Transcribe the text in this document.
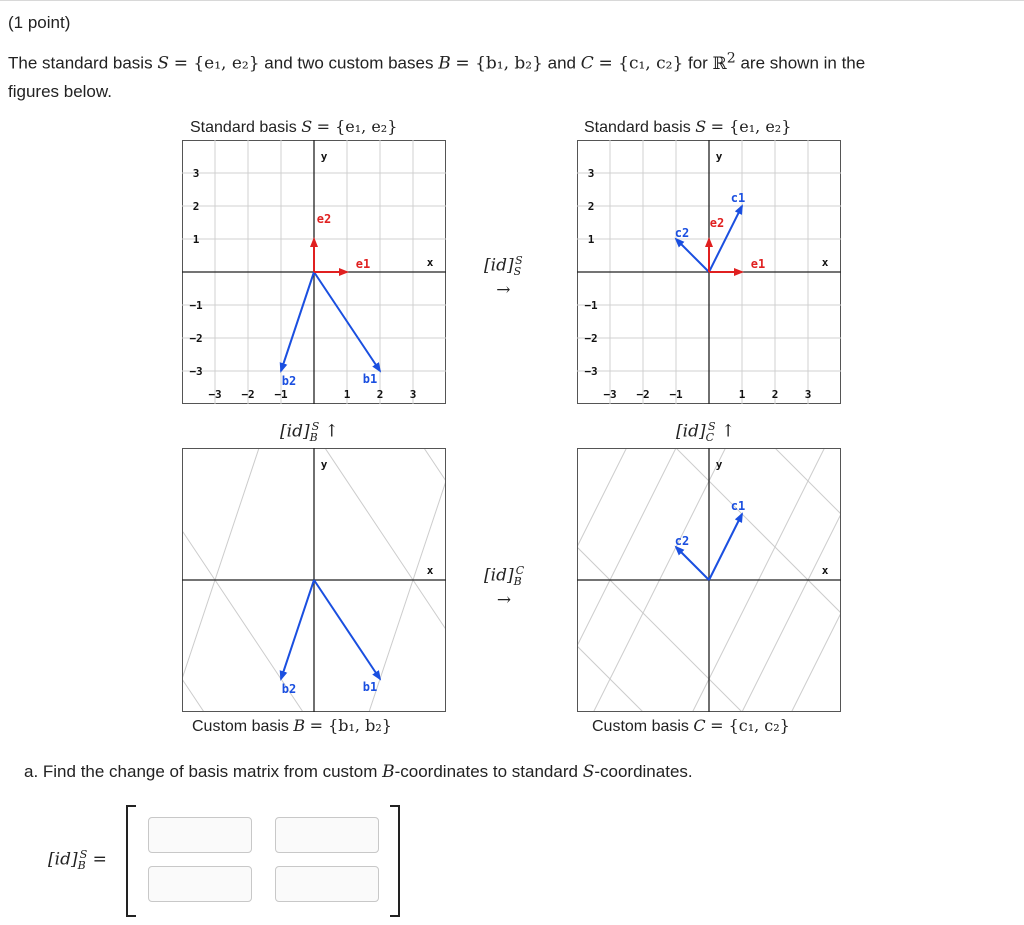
(1 point)
The standard basis S = {e₁, e₂} and two custom bases B = {b₁, b₂} and C = {c₁, c₂} for ℝ$^2$ are shown in the
figures below.
Standard basis S = {e₁, e₂}	Standard basis S = {e₁, e₂}
Custom basis B = {b₁, b₂}	Custom basis C = {c₁, c₂}
−3 −2 −1	1 2 3
3
2
1
−1
−2
−3
y
x
b1
b2
e1
e2
−3 −2 −1	1 2 3
3
2
1
−1
−2
−3
y
x
c1
c2
e1
e2
y
x
b1
b2
y
x
c1
c2
$[id]_S^S$
→
$[id]_B^C$
→
$[id]_B^S$ ↑	$[id]_C^S$ ↑
a. Find the change of basis matrix from custom B-coordinates to standard S-coordinates.
$[id]_B^S$ =
